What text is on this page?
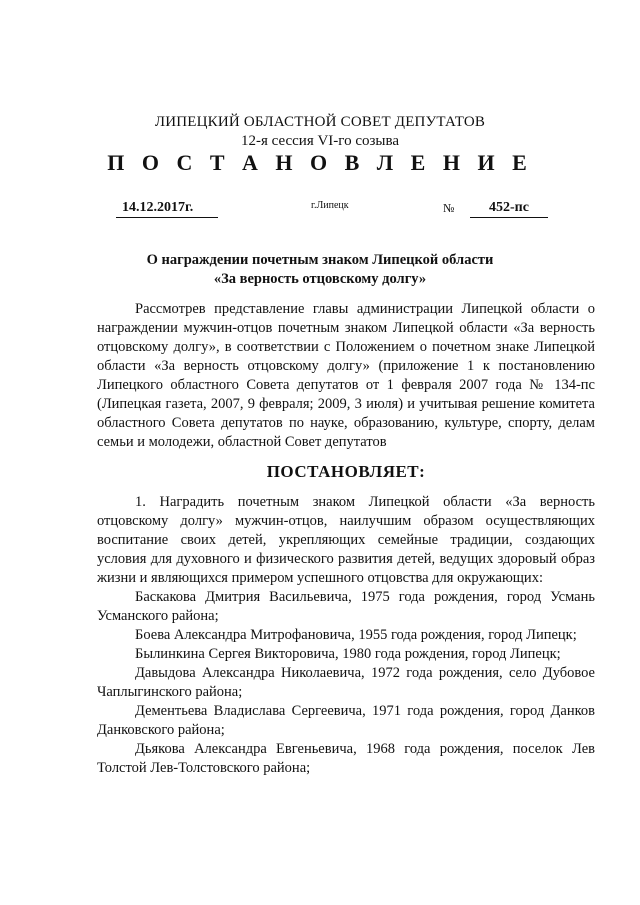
ЛИПЕЦКИЙ ОБЛАСТНОЙ СОВЕТ ДЕПУТАТОВ

12-я сессия VI-го созыва

П О С Т А Н О В Л Е Н И Е

14.12.2017г.	г.Липецк	№	452-пс
О награждении почетным знаком Липецкой области
«За верность отцовскому долгу»

Рассмотрев представление главы администрации Липецкой области о награждении мужчин-отцов почетным знаком Липецкой области «За верность отцовскому долгу», в соответствии с Положением о почетном знаке Липецкой области «За верность отцовскому долгу» (приложение 1 к постановлению Липецкого областного Совета депутатов от 1 февраля 2007 года № 134-пс (Липецкая газета, 2007, 9 февраля; 2009, 3 июля) и учитывая решение комитета областного Совета депутатов по науке, образованию, культуре, спорту, делам семьи и молодежи, областной Совет депутатов

ПОСТАНОВЛЯЕТ:

1. Наградить почетным знаком Липецкой области «За верность отцовскому долгу» мужчин-отцов, наилучшим образом осуществляющих воспитание своих детей, укрепляющих семейные традиции, создающих условия для духовного и физического развития детей, ведущих здоровый образ жизни и являющихся примером успешного отцовства для окружающих:

Баскакова Дмитрия Васильевича, 1975 года рождения, город Усмань Усманского района;

Боева Александра Митрофановича, 1955 года рождения, город Липецк;

Былинкина Сергея Викторовича, 1980 года рождения, город Липецк;

Давыдова Александра Николаевича, 1972 года рождения, село Дубовое Чаплыгинского района;

Дементьева Владислава Сергеевича, 1971 года рождения, город Данков Данковского района;

Дьякова Александра Евгеньевича, 1968 года рождения, поселок Лев Толстой Лев-Толстовского района;
